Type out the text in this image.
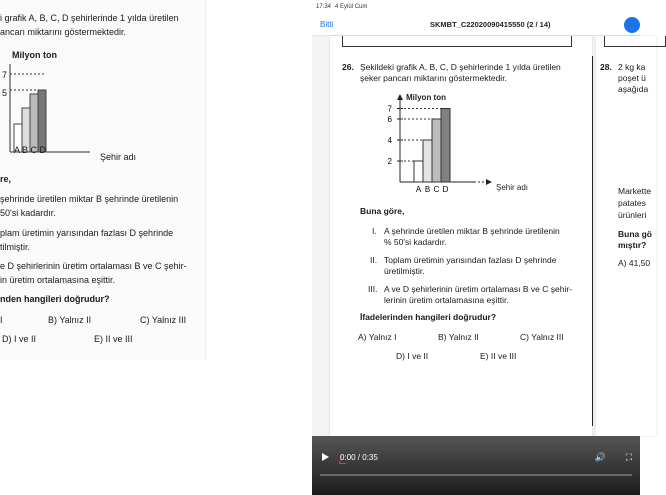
i grafik A, B, C, D şehirlerinde 1 yılda üretilen
ancarı miktarını göstermektedir.
Milyon ton
7
5
A B C D
Şehir adı
re,
şehrinde üretilen miktar B şehrinde üretilenin
50'si kadardır.
plam üretimin yarısından fazlası D şehrinde
tilmiştir.
e D şehirlerinin üretim ortalaması B ve C şehir-
in üretim ortalamasına eşittir.
nden hangileri doğrudur?
I	B) Yalnız II	C) Yalnız III
D) I ve II	E) II ve III
17:34 4 Eylül Cum
Bitti	SKMBT_C22020090415550 (2 / 14)
26. Şekildeki grafik A, B, C, D şehirlerinde 1 yılda üretilen
şeker pancarı miktarını göstermektedir.
Milyon ton
Şehir adı
2
4
6
7
A B C D
Buna göre,
I. A şehrinde üretilen miktar B şehrinde üretilenin
% 50'si kadardır.
II. Toplam üretimin yarısından fazlası D şehrinde
üretilmiştir.
III. A ve D şehirlerinin üretim ortalaması B ve C şehir-
lerinin üretim ortalamasına eşittir.
İfadelerinden hangileri doğrudur?
A) Yalnız I	B) Yalnız II	C) Yalnız III
D) I ve II	E) II ve III
28. 2 kg ka
poşet ü
aşağıda
Markette
patates
ürünleri
Buna gö
mıştır?
A) 41,50
0:00 / 0:35	🔊 ⛶
